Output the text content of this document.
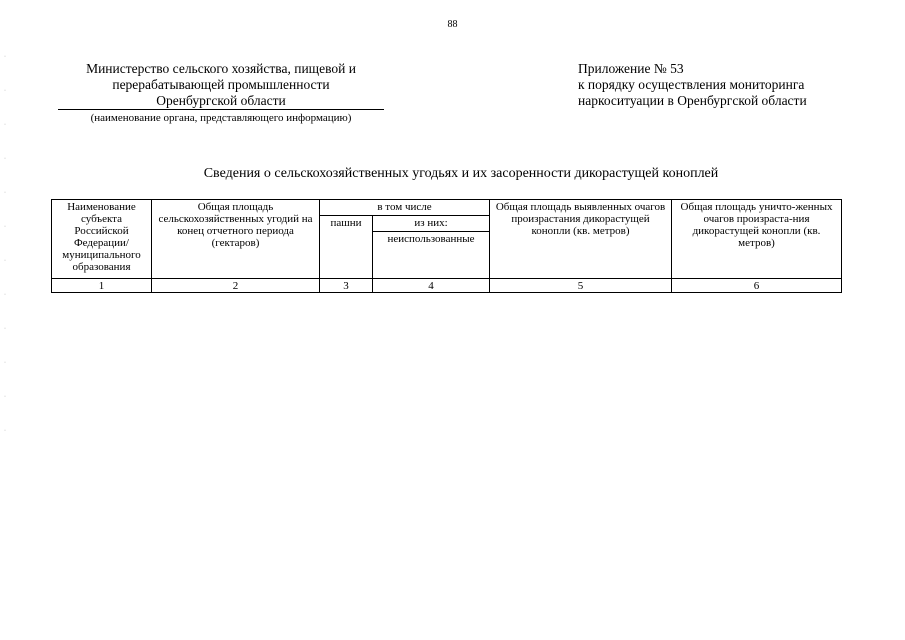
88
·
·
·
·
·
·
·
·
·
·
·
·
Министерство сельского хозяйства, пищевой и
перерабатывающей промышленности
Оренбургской области
(наименование органа, представляющего информацию)
Приложение № 53
к порядку осуществления мониторинга
наркоситуации в Оренбургской области
Сведения о сельскохозяйственных угодьях и их засоренности дикорастущей коноплей
Наименование субъекта Российской Федерации/ муниципального образования	Общая площадь сельскохозяйственных угодий на конец отчетного периода (гектаров)	в том числе		Общая площадь выявленных очагов произрастания дикорастущей конопли (кв. метров)	Общая площадь уничто-женных очагов произраста-ния дикорастущей конопли (кв. метров)
		пашни	из них:		
			неиспользованные		
1	2	3	4	5	6
